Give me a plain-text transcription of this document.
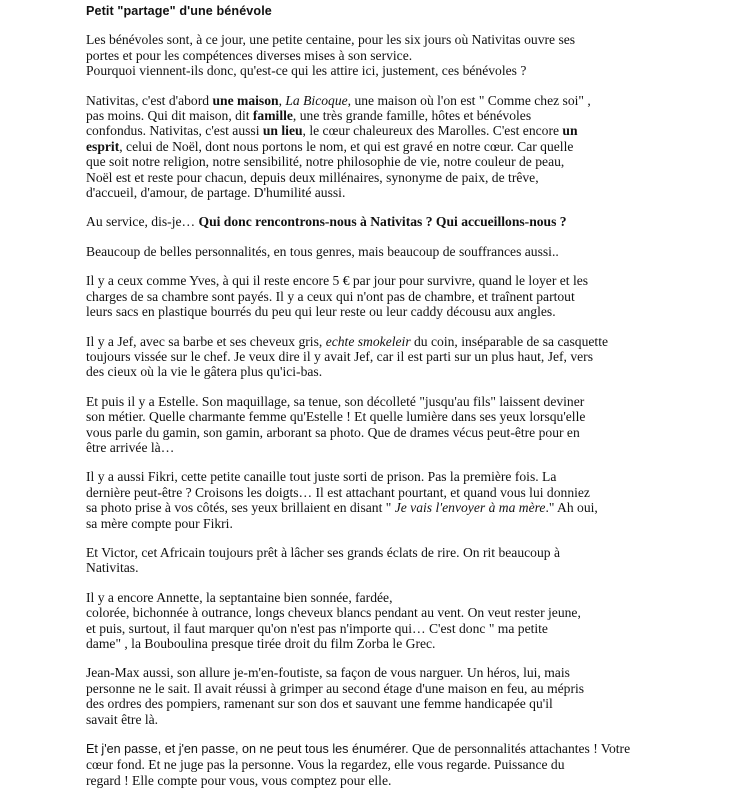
Petit "partage" d'une bénévole

Les bénévoles sont, à ce jour, une petite centaine, pour les six jours où Nativitas ouvre ses
portes et pour les compétences diverses mises à son service.
Pourquoi viennent-ils donc, qu'est-ce qui les attire ici, justement, ces bénévoles ?

Nativitas, c'est d'abord une maison, La Bicoque, une maison où l'on est " Comme chez soi" ,
pas moins. Qui dit maison, dit famille, une très grande famille, hôtes et bénévoles
confondus. Nativitas, c'est aussi un lieu, le cœur chaleureux des Marolles. C'est encore un
esprit, celui de Noël, dont nous portons le nom, et qui est gravé en notre cœur. Car quelle
que soit notre religion, notre sensibilité, notre philosophie de vie, notre couleur de peau,
Noël est et reste pour chacun, depuis deux millénaires, synonyme de paix, de trêve,
d'accueil, d'amour, de partage. D'humilité aussi.

Au service, dis-je… Qui donc rencontrons-nous à Nativitas ? Qui accueillons-nous ?

Beaucoup de belles personnalités, en tous genres, mais beaucoup de souffrances aussi..

Il y a ceux comme Yves, à qui il reste encore 5 € par jour pour survivre, quand le loyer et les
charges de sa chambre sont payés. Il y a ceux qui n'ont pas de chambre, et traînent partout
leurs sacs en plastique bourrés du peu qui leur reste ou leur caddy décousu aux angles.

Il y a Jef, avec sa barbe et ses cheveux gris, echte smokeleir du coin, inséparable de sa casquette
toujours vissée sur le chef. Je veux dire il y avait Jef, car il est parti sur un plus haut, Jef, vers
des cieux où la vie le gâtera plus qu'ici-bas.

Et puis il y a Estelle. Son maquillage, sa tenue, son décolleté "jusqu'au fils" laissent deviner
son métier. Quelle charmante femme qu'Estelle ! Et quelle lumière dans ses yeux lorsqu'elle
vous parle du gamin, son gamin, arborant sa photo. Que de drames vécus peut-être pour en
être arrivée là…

Il y a aussi Fikri, cette petite canaille tout juste sorti de prison. Pas la première fois. La
dernière peut-être ? Croisons les doigts… Il est attachant pourtant, et quand vous lui donniez
sa photo prise à vos côtés, ses yeux brillaient en disant " Je vais l'envoyer à ma mère." Ah oui,
sa mère compte pour Fikri.

Et Victor, cet Africain toujours prêt à lâcher ses grands éclats de rire. On rit beaucoup à
Nativitas.

Il y a encore Annette, la septantaine bien sonnée, fardée,
colorée, bichonnée à outrance, longs cheveux blancs pendant au vent. On veut rester jeune,
et puis, surtout, il faut marquer qu'on n'est pas n'importe qui… C'est donc " ma petite
dame" , la Bouboulina presque tirée droit du film Zorba le Grec.

Jean-Max aussi, son allure je-m'en-foutiste, sa façon de vous narguer. Un héros, lui, mais
personne ne le sait. Il avait réussi à grimper au second étage d'une maison en feu, au mépris
des ordres des pompiers, ramenant sur son dos et sauvant une femme handicapée qu'il
savait être là.

Et j'en passe, et j'en passe, on ne peut tous les énumérer. Que de personnalités attachantes ! Votre
cœur fond. Et ne juge pas la personne. Vous la regardez, elle vous regarde. Puissance du
regard ! Elle compte pour vous, vous comptez pour elle.
